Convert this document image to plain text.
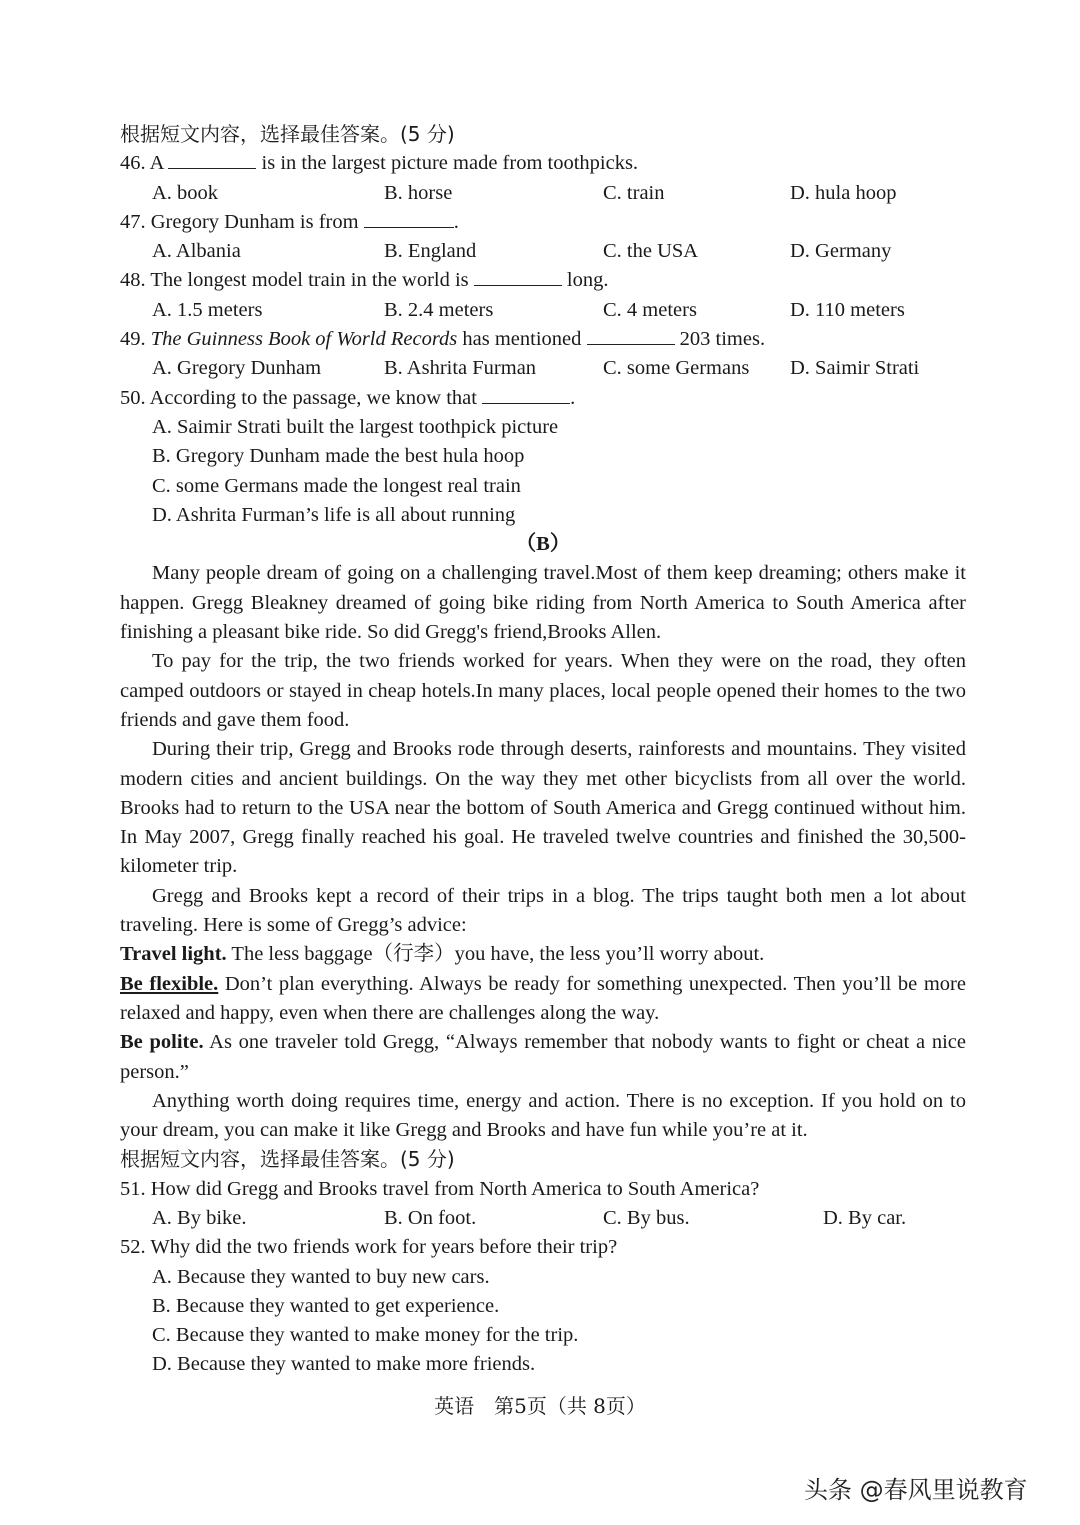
根据短文内容，选择最佳答案。(5 分)
46. A	is in the largest picture made from toothpicks.
A. book	B. horse	C. train	D. hula hoop
47. Gregory Dunham is from	.
A. Albania	B. England	C. the USA	D. Germany
48. The longest model train in the world is	long.
A. 1.5 meters	B. 2.4 meters	C. 4 meters	D. 110 meters
49. The Guinness Book of World Records has mentioned	203 times.
A. Gregory Dunham	B. Ashrita Furman	C. some Germans	D. Saimir Strati
50. According to the passage, we know that	.
A. Saimir Strati built the largest toothpick picture
B. Gregory Dunham made the best hula hoop
C. some Germans made the longest real train
D. Ashrita Furman’s life is all about running
（B）

Many people dream of going on a challenging travel.Most of them keep dreaming; others make it happen. Gregg Bleakney dreamed of going bike riding from North America to South America after finishing a pleasant bike ride. So did Gregg's friend,Brooks Allen.

To pay for the trip, the two friends worked for years. When they were on the road, they often camped outdoors or stayed in cheap hotels.In many places, local people opened their homes to the two friends and gave them food.

During their trip, Gregg and Brooks rode through deserts, rainforests and mountains. They visited modern cities and ancient buildings. On the way they met other bicyclists from all over the world. Brooks had to return to the USA near the bottom of South America and Gregg continued without him. In May 2007, Gregg finally reached his goal. He traveled twelve countries and finished the 30,500-kilometer trip.

Gregg and Brooks kept a record of their trips in a blog. The trips taught both men a lot about traveling. Here is some of Gregg’s advice:

Travel light. The less baggage（行李）you have, the less you’ll worry about.

Be flexible. Don’t plan everything. Always be ready for something unexpected. Then you’ll be more relaxed and happy, even when there are challenges along the way.

Be polite. As one traveler told Gregg, “Always remember that nobody wants to fight or cheat a nice person.”

Anything worth doing requires time, energy and action. There is no exception. If you hold on to your dream, you can make it like Gregg and Brooks and have fun while you’re at it.

根据短文内容，选择最佳答案。(5 分)
51. How did Gregg and Brooks travel from North America to South America?
A. By bike.	B. On foot.	C. By bus.	D. By car.
52. Why did the two friends work for years before their trip?
A. Because they wanted to buy new cars.
B. Because they wanted to get experience.
C. Because they wanted to make money for the trip.
D. Because they wanted to make more friends.
英语　第5页（共 8页）
头条 @春风里说教育
